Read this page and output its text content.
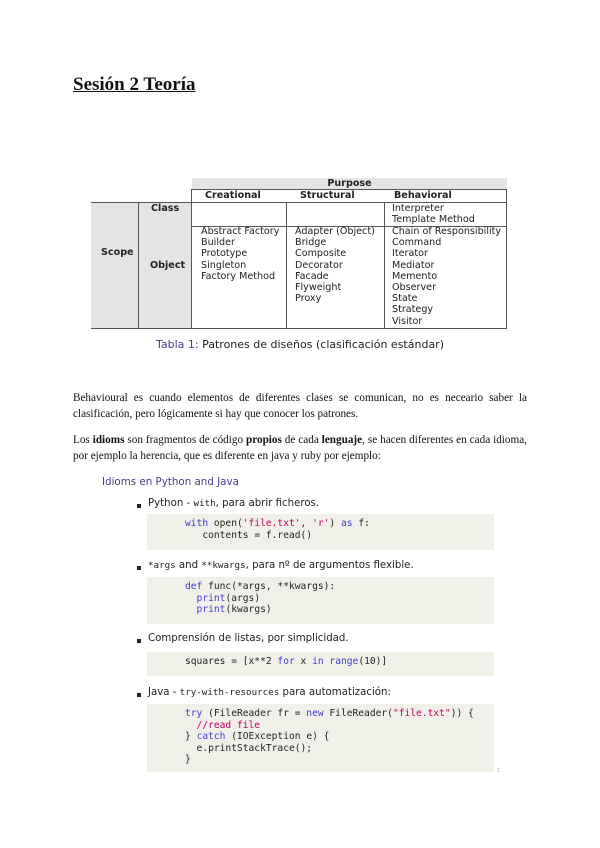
Sesión 2 Teoría
Purpose
Creational	Structural	Behavioral
Scope
Class
Object
Interpreter
Template Method
Abstract Factory
Builder
Prototype
Singleton
Factory Method
Adapter (Object)
Bridge
Composite
Decorator
Facade
Flyweight
Proxy
Chain of Responsibility
Command
Iterator
Mediator
Memento
Observer
State
Strategy
Visitor
Tabla 1: Patrones de diseños (clasificación estándar)
Behavioural es cuando elementos de diferentes clases se comunican, no es neceario saber la clasificación, pero lógicamente si hay que conocer los patrones.
Los idioms son fragmentos de código propios de cada lenguaje, se hacen diferentes en cada idioma, por ejemplo la herencia, que es diferente en java y ruby por ejemplo:
Idioms en Python and Java
Python - with, para abrir ficheros.
with open('file.txt', 'r') as f:
contents = f.read()
*args and **kwargs, para nº de argumentos flexible.
def func(*args, **kwargs):
print(args)
print(kwargs)
Comprensión de listas, por simplicidad.
squares = [x**2 for x in range(10)]
Java - try-with-resources para automatización:
try (FileReader fr = new FileReader("file.txt")) {
//read file
} catch (IOException e) {
e.printStackTrace();
}
1
